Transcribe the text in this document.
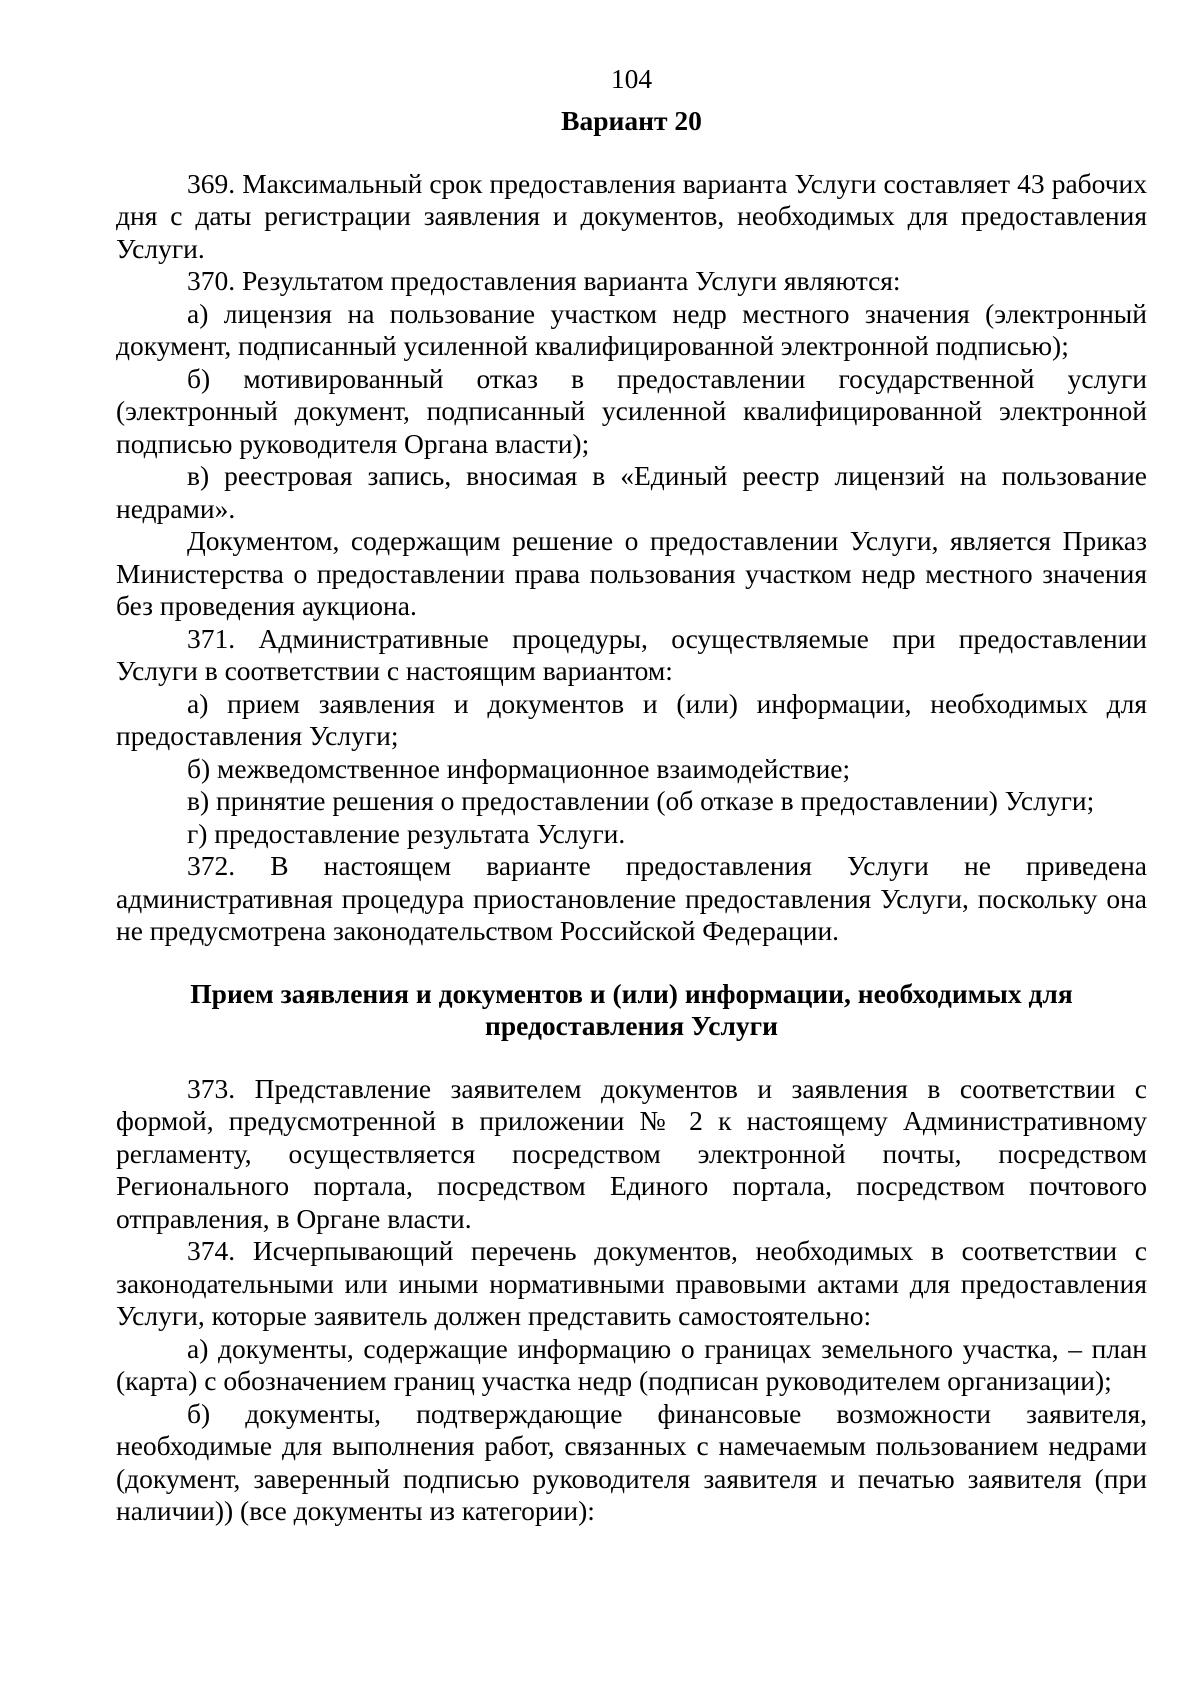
104

Вариант 20

369. Максимальный срок предоставления варианта Услуги составляет 43 рабочих дня с даты регистрации заявления и документов, необходимых для предоставления Услуги.

370. Результатом предоставления варианта Услуги являются:

а) лицензия на пользование участком недр местного значения (электронный документ, подписанный усиленной квалифицированной электронной подписью);

б) мотивированный отказ в предоставлении государственной услуги (электронный документ, подписанный усиленной квалифицированной электронной подписью руководителя Органа власти);

в) реестровая запись, вносимая в «Единый реестр лицензий на пользование недрами».

Документом, содержащим решение о предоставлении Услуги, является Приказ Министерства о предоставлении права пользования участком недр местного значения без проведения аукциона.

371. Административные процедуры, осуществляемые при предоставлении Услуги в соответствии с настоящим вариантом:

а) прием заявления и документов и (или) информации, необходимых для предоставления Услуги;

б) межведомственное информационное взаимодействие;

в) принятие решения о предоставлении (об отказе в предоставлении) Услуги;

г) предоставление результата Услуги.

372. В настоящем варианте предоставления Услуги не приведена административная процедура приостановление предоставления Услуги, поскольку она не предусмотрена законодательством Российской Федерации.

Прием заявления и документов и (или) информации, необходимых для предоставления Услуги

373. Представление заявителем документов и заявления в соответствии с формой, предусмотренной в приложении № 2 к настоящему Административному регламенту, осуществляется посредством электронной почты, посредством Регионального портала, посредством Единого портала, посредством почтового отправления, в Органе власти.

374. Исчерпывающий перечень документов, необходимых в соответствии с законодательными или иными нормативными правовыми актами для предоставления Услуги, которые заявитель должен представить самостоятельно:

а) документы, содержащие информацию о границах земельного участка, – план (карта) с обозначением границ участка недр (подписан руководителем организации);

б) документы, подтверждающие финансовые возможности заявителя, необходимые для выполнения работ, связанных с намечаемым пользованием недрами (документ, заверенный подписью руководителя заявителя и печатью заявителя (при наличии)) (все документы из категории):
